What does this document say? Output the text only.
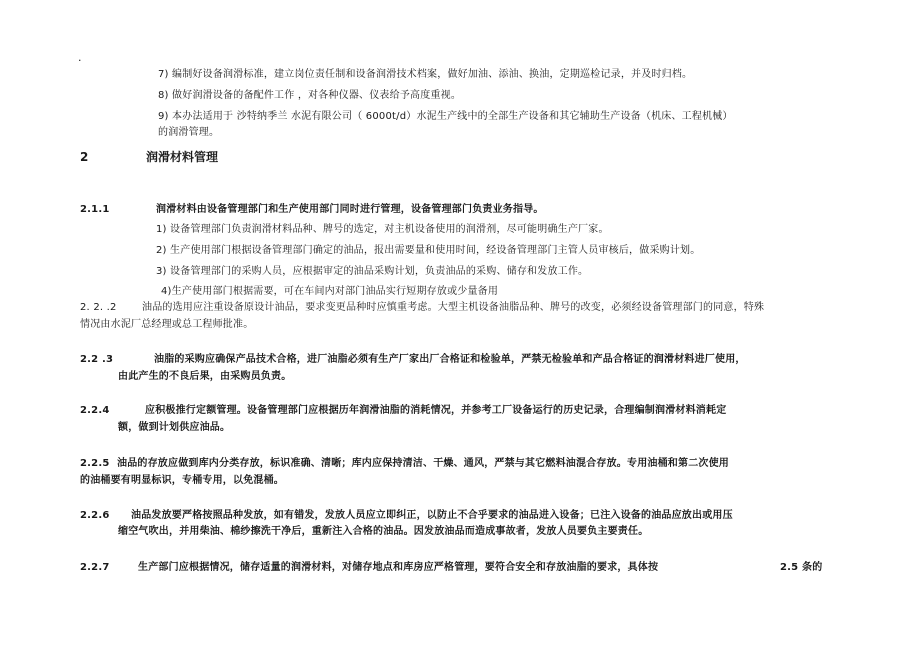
·
7) 编制好设备润滑标准，建立岗位责任制和设备润滑技术档案，做好加油、添油、换油，定期巡检记录，并及时归档。
8) 做好润滑设备的备配件工作 ，对各种仪器、仪表给予高度重视。
9) 本办法适用于 沙特纳季兰 水泥有限公司（ 6000t/d）水泥生产线中的全部生产设备和其它辅助生产设备（机床、工程机械）
的润滑管理。
2	润滑材料管理
2.1.1	润滑材料由设备管理部门和生产使用部门同时进行管理，设备管理部门负责业务指导。
1) 设备管理部门负责润滑材料品种、牌号的选定，对主机设备使用的润滑剂，尽可能明确生产厂家。
2) 生产使用部门根据设备管理部门确定的油品，报出需要量和使用时间，经设备管理部门主管人员审核后，做采购计划。
3) 设备管理部门的采购人员，应根据审定的油品采购计划，负责油品的采购、储存和发放工作。
4)生产使用部门根据需要，可在车间内对部门油品实行短期存放或少量备用
2. 2. .2	油品的选用应注重设备原设计油品，要求变更品种时应慎重考虑。大型主机设备油脂品种、牌号的改变，必须经设备管理部门的同意，特殊
情况由水泥厂总经理或总工程师批准。
2.2 .3	油脂的采购应确保产品技术合格，进厂油脂必须有生产厂家出厂合格证和检验单，严禁无检验单和产品合格证的润滑材料进厂使用，
由此产生的不良后果，由采购员负责。
2.2.4	应积极推行定额管理。设备管理部门应根据历年润滑油脂的消耗情况，并参考工厂设备运行的历史记录，合理编制润滑材料消耗定
额，做到计划供应油品。
2.2.5 油品的存放应做到库内分类存放，标识准确、清晰；库内应保持清洁、干燥、通风，严禁与其它燃料油混合存放。专用油桶和第二次使用
的油桶要有明显标识，专桶专用，以免混桶。
2.2.6 油品发放要严格按照品种发放，如有错发，发放人员应立即纠正，以防止不合乎要求的油品进入设备；已注入设备的油品应放出或用压
缩空气吹出，并用柴油、棉纱擦洗干净后，重新注入合格的油品。因发放油品而造成事故者，发放人员要负主要责任。
2.2.7	生产部门应根据情况，储存适量的润滑材料，对储存地点和库房应严格管理，要符合安全和存放油脂的要求，具体按	2.5 条的
